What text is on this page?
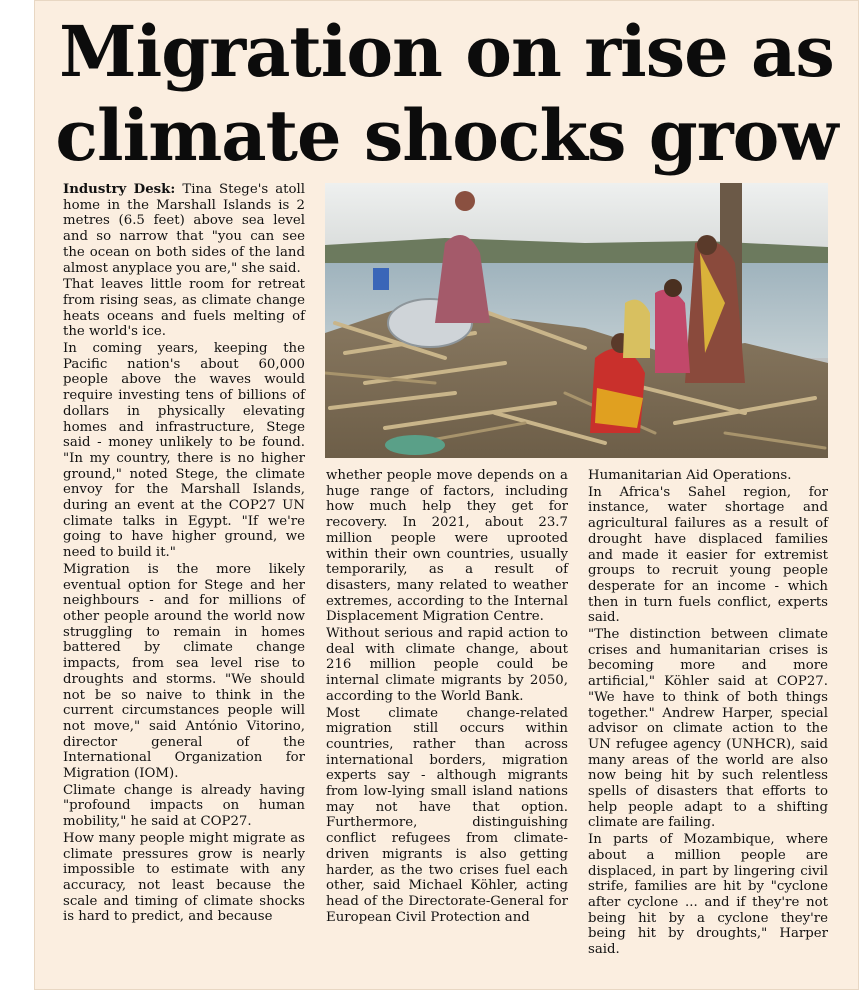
Migration on rise as climate shocks grow

Industry Desk: Tina Stege's atoll home in the Marshall Islands is 2 metres (6.5 feet) above sea level and so narrow that "you can see the ocean on both sides of the land almost anyplace you are," she said.

That leaves little room for retreat from rising seas, as climate change heats oceans and fuels melting of the world's ice.

In coming years, keeping the Pacific nation's about 60,000 people above the waves would require investing tens of billions of dollars in physically elevating homes and infrastructure, Stege said - money unlikely to be found. "In my country, there is no higher ground," noted Stege, the climate envoy for the Marshall Islands, during an event at the COP27 UN climate talks in Egypt. "If we're going to have higher ground, we need to build it."

Migration is the more likely eventual option for Stege and her neighbours - and for millions of other people around the world now struggling to remain in homes battered by climate change impacts, from sea level rise to droughts and storms. "We should not be so naive to think in the current circumstances people will not move," said António Vitorino, director general of the International Organization for Migration (IOM).

Climate change is already having "profound impacts on human mobility," he said at COP27.

How many people might migrate as climate pressures grow is nearly impossible to estimate with any accuracy, not least because the scale and timing of climate shocks is hard to predict, and because

whether people move depends on a huge range of factors, including how much help they get for recovery. In 2021, about 23.7 million people were uprooted within their own countries, usually temporarily, as a result of disasters, many related to weather extremes, according to the Internal Displacement Migration Centre.

Without serious and rapid action to deal with climate change, about 216 million people could be internal climate migrants by 2050, according to the World Bank.

Most climate change-related migration still occurs within countries, rather than across international borders, migration experts say - although migrants from low-lying small island nations may not have that option. Furthermore, distinguishing conflict refugees from climate-driven migrants is also getting harder, as the two crises fuel each other, said Michael Köhler, acting head of the Directorate-General for European Civil Protection and

Humanitarian Aid Operations.

In Africa's Sahel region, for instance, water shortage and agricultural failures as a result of drought have displaced families and made it easier for extremist groups to recruit young people desperate for an income - which then in turn fuels conflict, experts said.

"The distinction between climate crises and humanitarian crises is becoming more and more artificial," Köhler said at COP27. "We have to think of both things together." Andrew Harper, special advisor on climate action to the UN refugee agency (UNHCR), said many areas of the world are also now being hit by such relentless spells of disasters that efforts to help people adapt to a shifting climate are failing.

In parts of Mozambique, where about a million people are displaced, in part by lingering civil strife, families are hit by "cyclone after cyclone ... and if they're not being hit by a cyclone they're being hit by droughts," Harper said.
